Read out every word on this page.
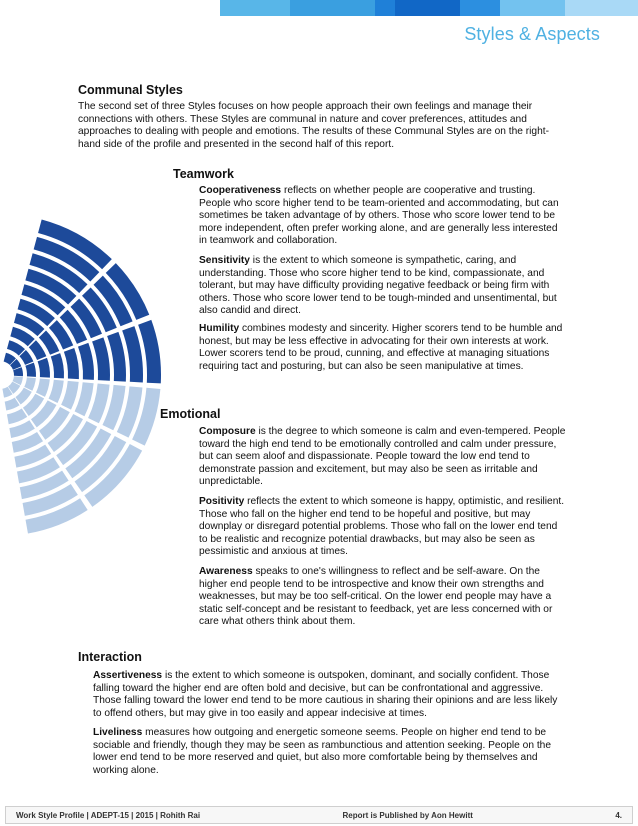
Styles & Aspects
Communal Styles

The second set of three Styles focuses on how people approach their own feelings and manage their connections with others. These Styles are communal in nature and cover preferences, attitudes and approaches to dealing with people and emotions. The results of these Communal Styles are on the right-hand side of the profile and presented in the second half of this report.

Teamwork

Cooperativeness reflects on whether people are cooperative and trusting. People who score higher tend to be team-oriented and accommodating, but can sometimes be taken advantage of by others. Those who score lower tend to be more independent, often prefer working alone, and are generally less interested in teamwork and collaboration.

Sensitivity is the extent to which someone is sympathetic, caring, and understanding. Those who score higher tend to be kind, compassionate, and tolerant, but may have difficulty providing negative feedback or being firm with others. Those who score lower tend to be tough-minded and unsentimental, but also candid and direct.

Humility combines modesty and sincerity. Higher scorers tend to be humble and honest, but may be less effective in advocating for their own interests at work. Lower scorers tend to be proud, cunning, and effective at managing situations requiring tact and posturing, but can also be seen manipulative at times.

Emotional

Composure is the degree to which someone is calm and even-tempered. People toward the high end tend to be emotionally controlled and calm under pressure, but can seem aloof and dispassionate. People toward the low end tend to demonstrate passion and excitement, but may also be seen as irritable and unpredictable.

Positivity reflects the extent to which someone is happy, optimistic, and resilient. Those who fall on the higher end tend to be hopeful and positive, but may downplay or disregard potential problems. Those who fall on the lower end tend to be realistic and recognize potential drawbacks, but may also be seen as pessimistic and anxious at times.

Awareness speaks to one's willingness to reflect and be self-aware. On the higher end people tend to be introspective and know their own strengths and weaknesses, but may be too self-critical. On the lower end people may have a static self-concept and be resistant to feedback, yet are less concerned with or care what others think about them.

Interaction

Assertiveness is the extent to which someone is outspoken, dominant, and socially confident. Those falling toward the higher end are often bold and decisive, but can be confrontational and aggressive. Those falling toward the lower end tend to be more cautious in sharing their opinions and are less likely to offend others, but may give in too easily and appear indecisive at times.

Liveliness measures how outgoing and energetic someone seems. People on higher end tend to be sociable and friendly, though they may be seen as rambunctious and attention seeking. People on the lower end tend to be more reserved and quiet, but also more comfortable being by themselves and working alone.

Work Style Profile | ADEPT-15 | 2015 | Rohith Rai	Report is Published by Aon Hewitt	4.
